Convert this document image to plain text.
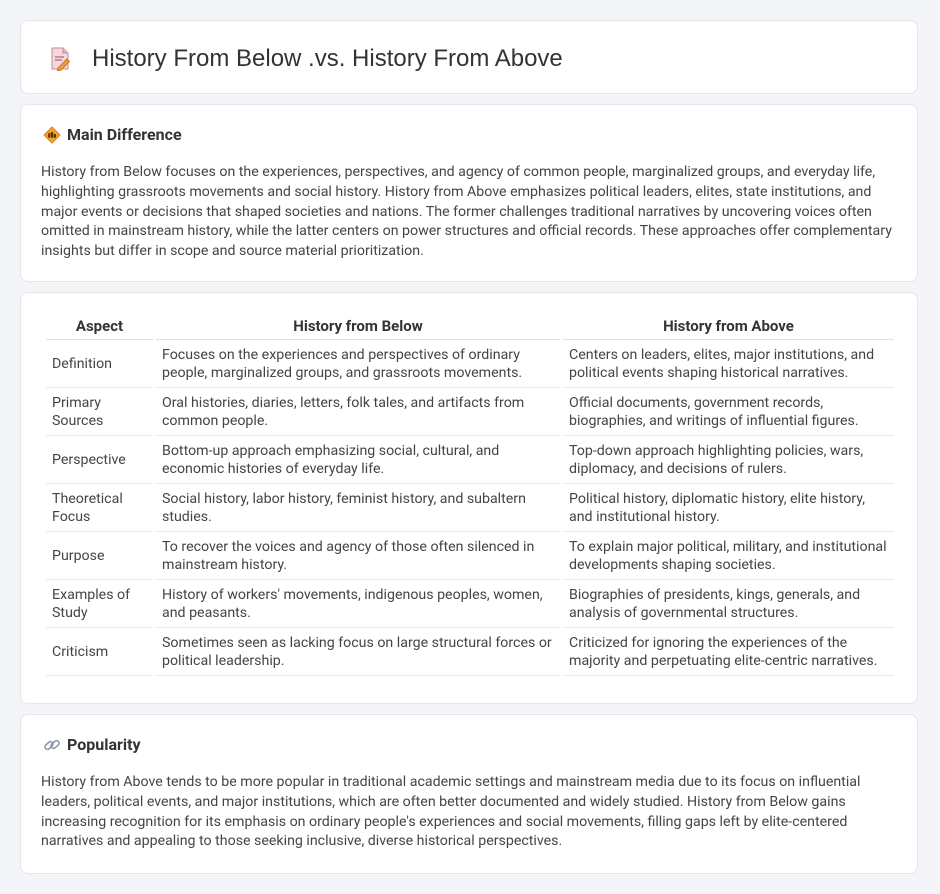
History From Below .vs. History From Above
Main Difference

History from Below focuses on the experiences, perspectives, and agency of common people, marginalized groups, and everyday life, highlighting grassroots movements and social history. History from Above emphasizes political leaders, elites, state institutions, and major events or decisions that shaped societies and nations. The former challenges traditional narratives by uncovering voices often omitted in mainstream history, while the latter centers on power structures and official records. These approaches offer complementary insights but differ in scope and source material prioritization.

Aspect	History from Below	History from Above
Definition	Focuses on the experiences and perspectives of ordinary people, marginalized groups, and grassroots movements.	Centers on leaders, elites, major institutions, and political events shaping historical narratives.
Primary Sources	Oral histories, diaries, letters, folk tales, and artifacts from common people.	Official documents, government records, biographies, and writings of influential figures.
Perspective	Bottom-up approach emphasizing social, cultural, and economic histories of everyday life.	Top-down approach highlighting policies, wars, diplomacy, and decisions of rulers.
Theoretical Focus	Social history, labor history, feminist history, and subaltern studies.	Political history, diplomatic history, elite history, and institutional history.
Purpose	To recover the voices and agency of those often silenced in mainstream history.	To explain major political, military, and institutional developments shaping societies.
Examples of Study	History of workers' movements, indigenous peoples, women, and peasants.	Biographies of presidents, kings, generals, and analysis of governmental structures.
Criticism	Sometimes seen as lacking focus on large structural forces or political leadership.	Criticized for ignoring the experiences of the majority and perpetuating elite-centric narratives.
Popularity

History from Above tends to be more popular in traditional academic settings and mainstream media due to its focus on influential leaders, political events, and major institutions, which are often better documented and widely studied. History from Below gains increasing recognition for its emphasis on ordinary people's experiences and social movements, filling gaps left by elite-centered narratives and appealing to those seeking inclusive, diverse historical perspectives.
